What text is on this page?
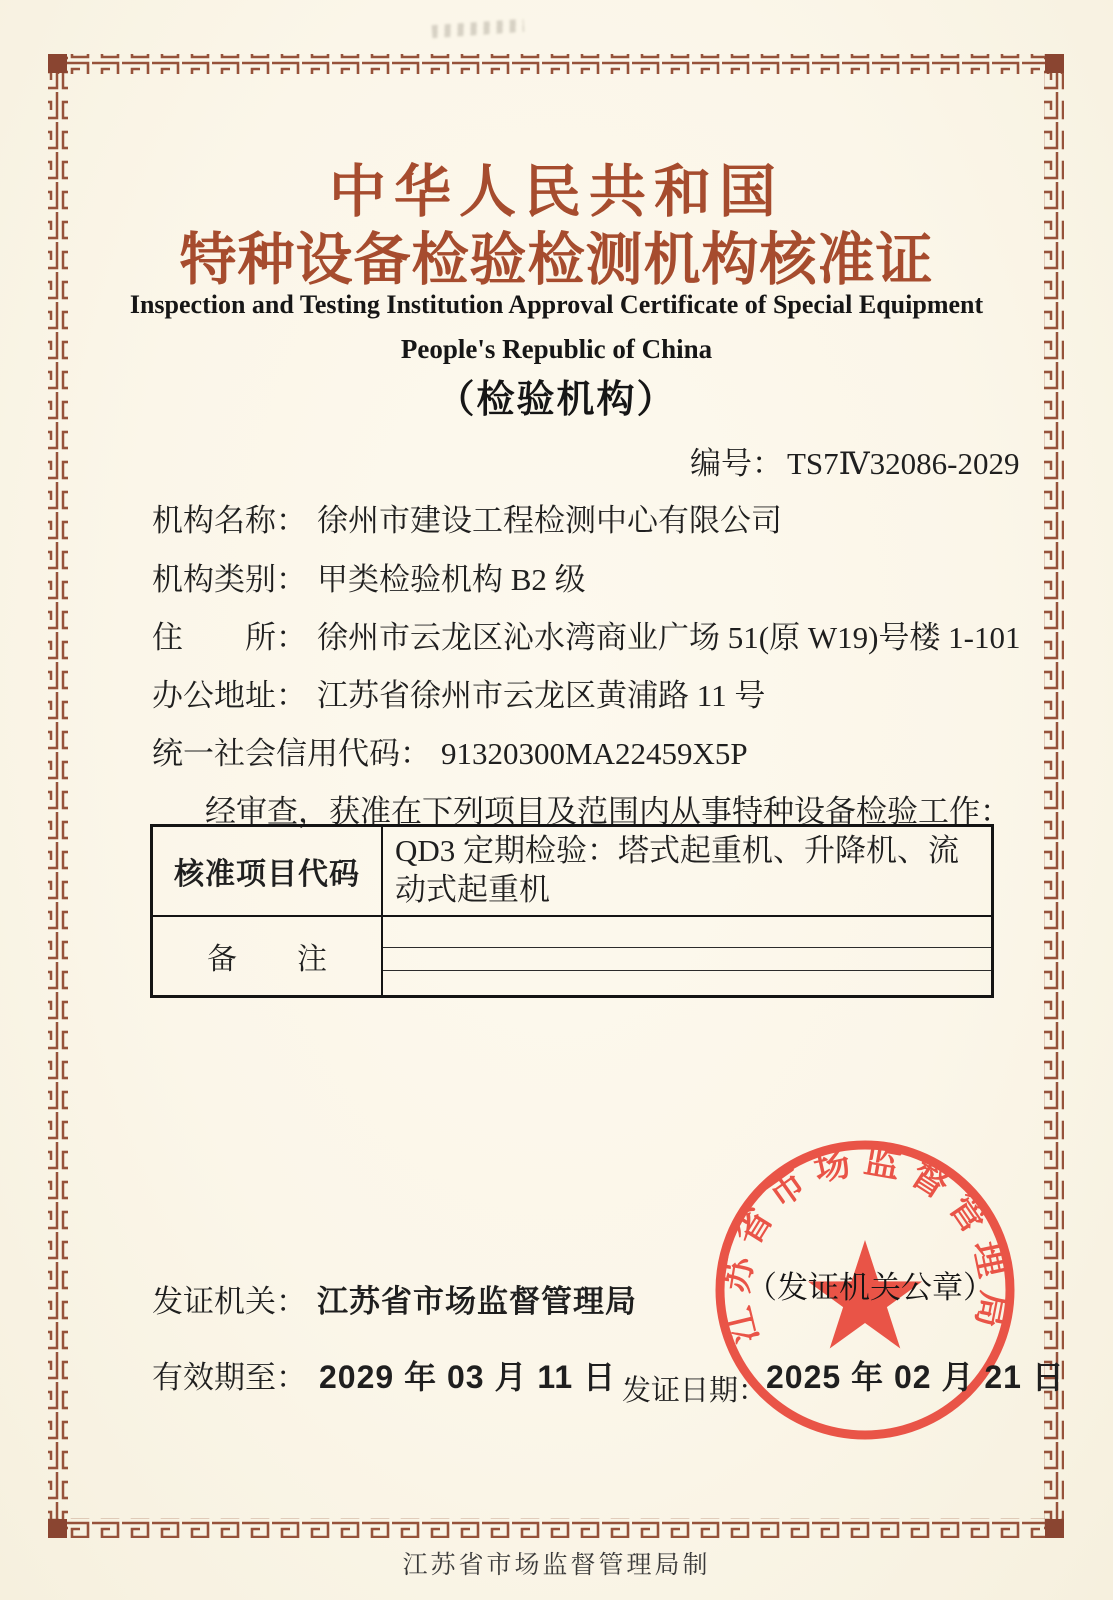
中华人民共和国
特种设备检验检测机构核准证
Inspection and Testing Institution Approval Certificate of Special Equipment
People's Republic of China
（检验机构）
编号： TS7Ⅳ32086-2029
机构名称： 徐州市建设工程检测中心有限公司
机构类别： 甲类检验机构 B2 级
住　　所： 徐州市云龙区沁水湾商业广场 51(原 W19)号楼 1-101
办公地址： 江苏省徐州市云龙区黄浦路 11 号
统一社会信用代码： 91320300MA22459X5P
经审查，获准在下列项目及范围内从事特种设备检验工作：
核准项目代码
QD3 定期检验：塔式起重机、升降机、流动式起重机
备　　注
江苏省市场监督管理局
（发证机关公章）
发证机关： 江苏省市场监督管理局
有效期至： 2029 年 03 月 11 日 发证日期：
2025 年 02 月 21 日
江苏省市场监督管理局制
